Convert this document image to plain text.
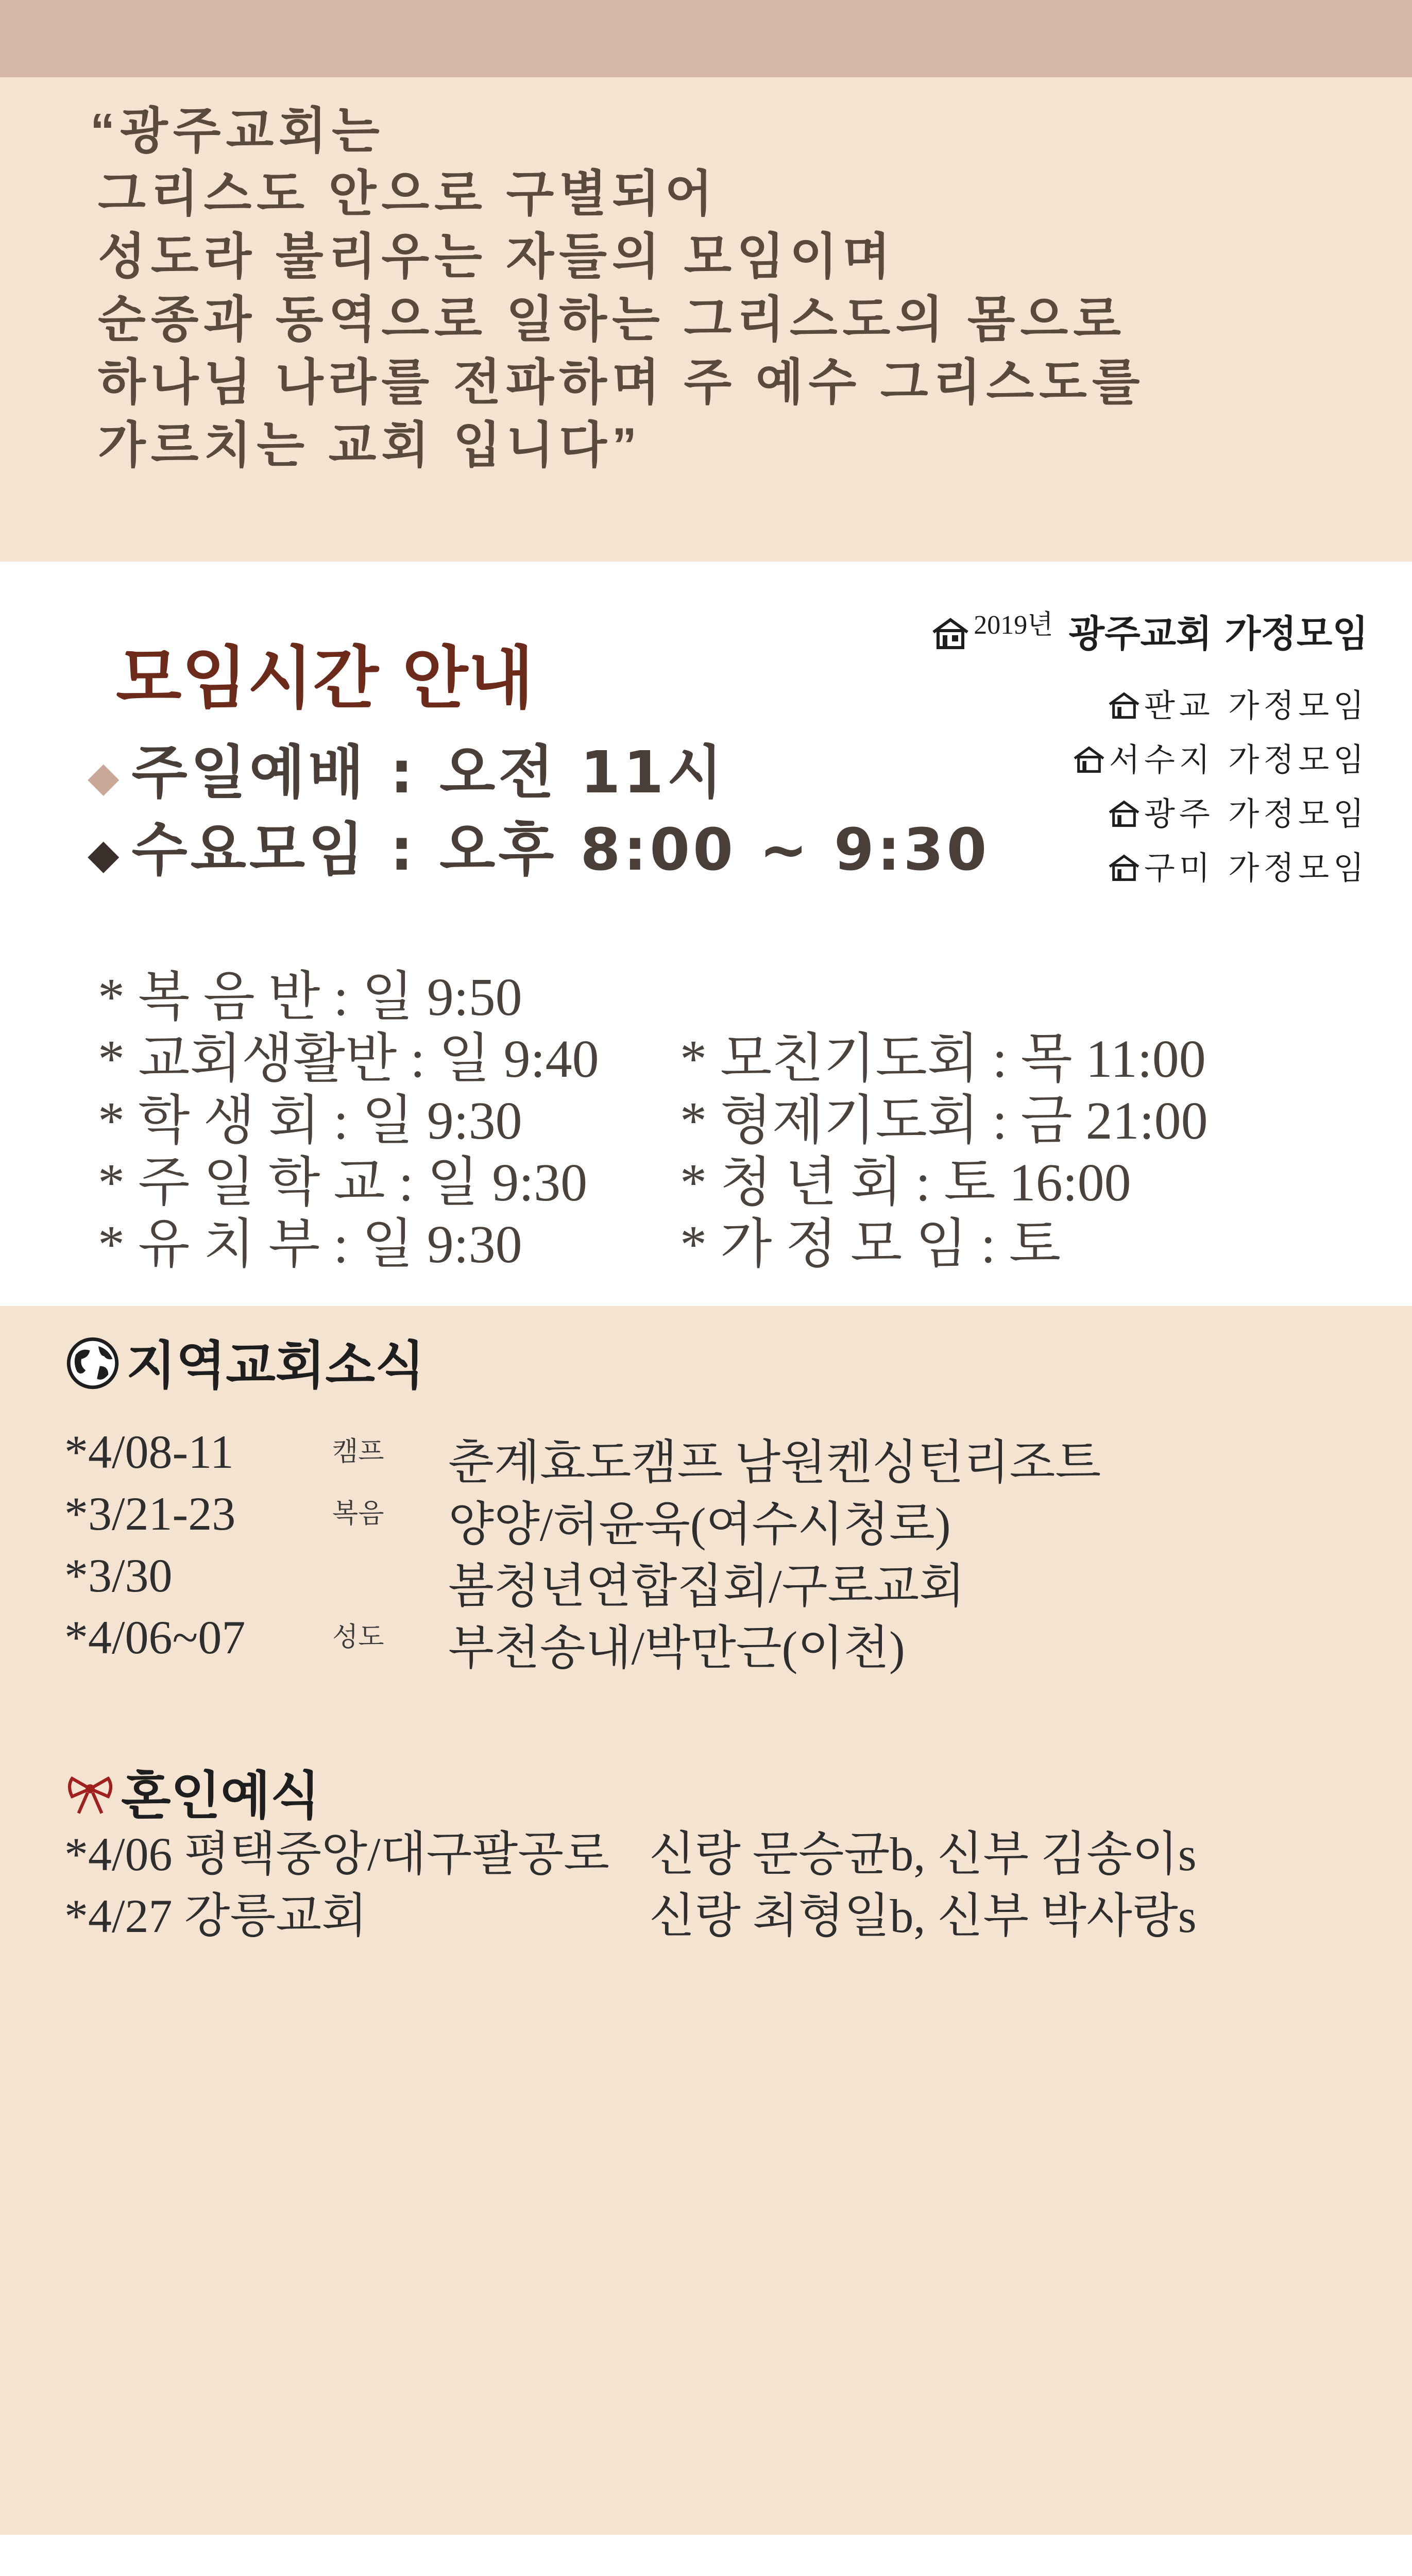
“광주교회는
그리스도 안으로 구별되어
성도라 불리우는 자들의 모임이며
순종과 동역으로 일하는 그리스도의 몸으로
하나님 나라를 전파하며 주 예수 그리스도를
가르치는 교회 입니다”
모임시간 안내
◆ 주일예배 : 오전 11시
◆ 수요모임 : 오후 8:00 ~ 9:30
$^{2019년}$ 광주교회 가정모임
판교 가정모임
서수지 가정모임
광주 가정모임
구미 가정모임
* 복 음 반 : 일 9:50
* 교회생활반 : 일 9:40
* 학 생 회 : 일 9:30
* 주 일 학 교 : 일 9:30
* 유 치 부 : 일 9:30
* 모친기도회 : 목 11:00
* 형제기도회 : 금 21:00
* 청 년 회 : 토 16:00
* 가 정 모 임 : 토
지역교회소식
*4/08-11	캠프 춘계효도캠프 남원켄싱턴리조트
*3/21-23	복음 양양/허윤욱(여수시청로)
*3/30	봄청년연합집회/구로교회
*4/06~07	성도 부천송내/박만근(이천)
혼인예식
*4/06 평택중앙/대구팔공로 신랑 문승균b, 신부 김송이s
*4/27 강릉교회	신랑 최형일b, 신부 박사랑s
